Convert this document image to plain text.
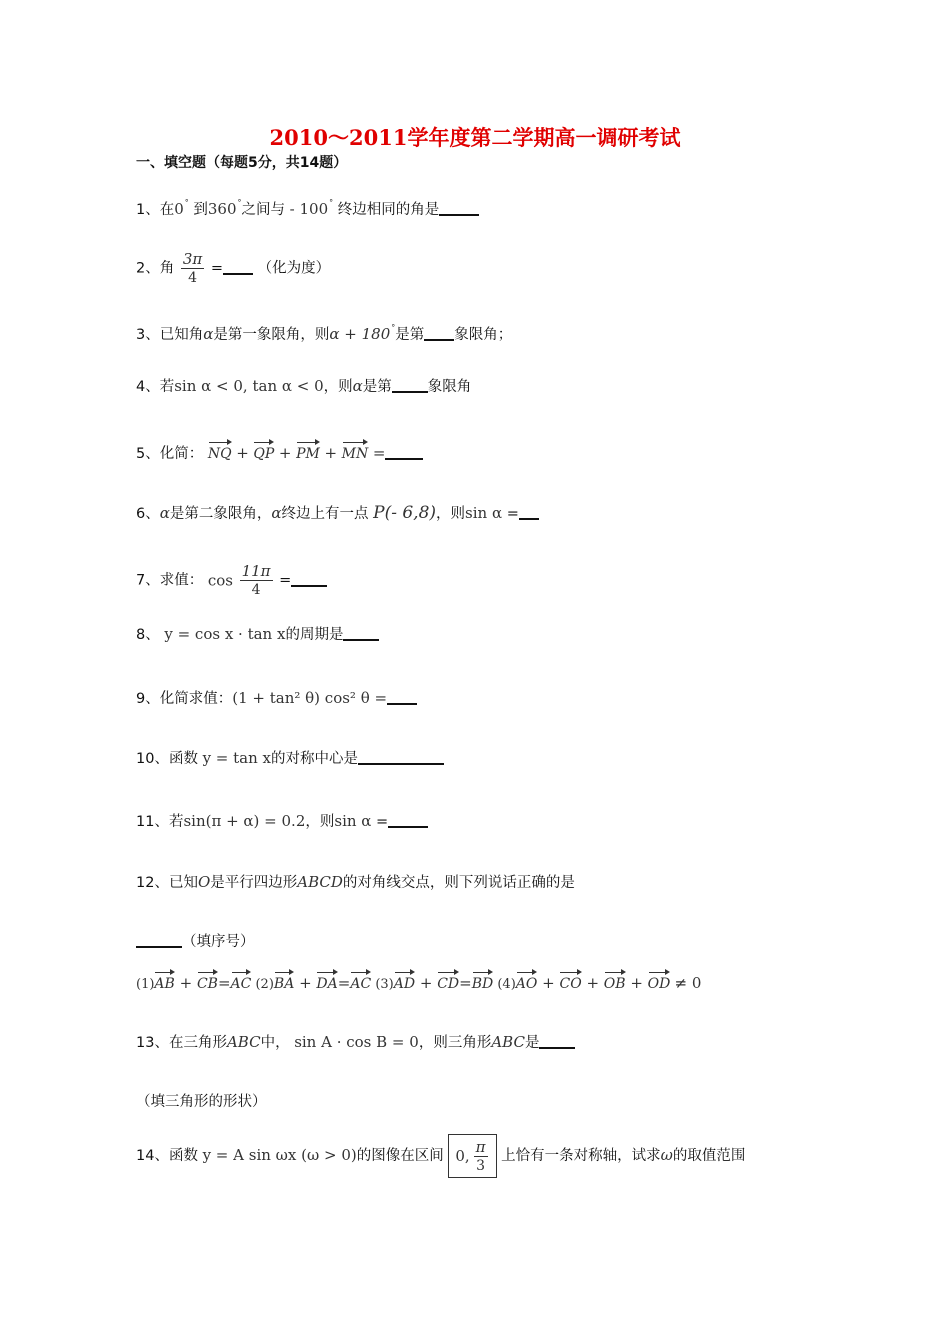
2010～2011学年度第二学期高一调研考试
一、填空题（每题5分，共14题）
1、在0° 到360°之间与 - 100° 终边相同的角是
2、角 $\frac{3\pi}{4}$ = （化为度）
3、已知角α是第一象限角，则α + 180°是第 象限角；
4、若sin α < 0, tan α < 0，则α是第 象限角
5、化简： NQ + QP + PM + MN =
6、α是第二象限角，α终边上有一点 P(- 6,8)，则sin α =
7、求值： $\cos \frac{11\pi}{4}$ =
8、 y = cos x · tan x的周期是
9、化简求值：(1 + tan² θ) cos² θ =
10、函数 y = tan x的对称中心是
11、若sin(π + α) = 0.2，则sin α =
12、已知O是平行四边形ABCD的对角线交点，则下列说话正确的是
（填序号）
(1)AB + CB=AC (2)BA + DA=AC (3)AD + CD=BD (4)AO + CO + OB + OD ≠ 0
13、在三角形ABC中， sin A · cos B = 0，则三角形ABC是
（填三角形的形状）
14、函数 y = A sin ωx (ω > 0)的图像在区间 0, $\frac{\pi}{3}$ 上恰有一条对称轴，试求ω的取值范围
